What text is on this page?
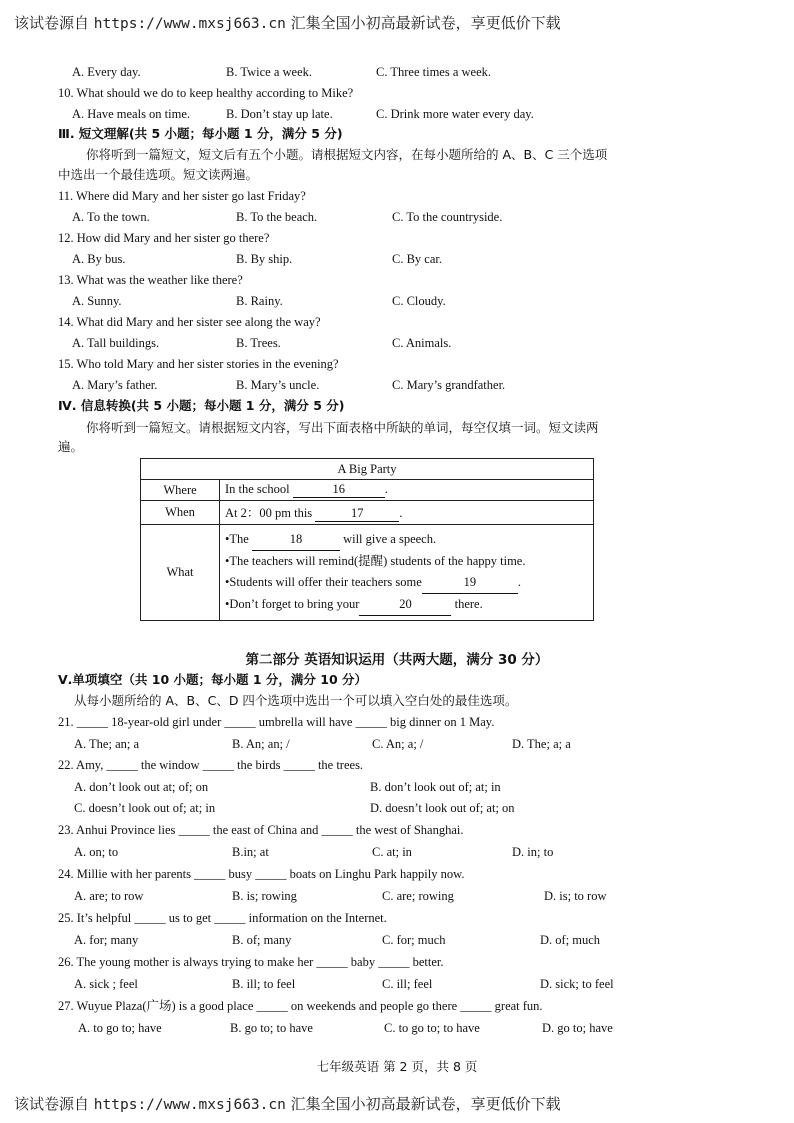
该试卷源自 https://www.mxsj663.cn 汇集全国小初高最新试卷，享更低价下载
A. Every day.	B. Twice a week.	C. Three times a week.
10. What should we do to keep healthy according to Mike?
A. Have meals on time.	B. Don’t stay up late.	C. Drink more water every day.
Ⅲ. 短文理解(共 5 小题；每小题 1 分，满分 5 分)
你将听到一篇短文，短文后有五个小题。请根据短文内容，在每小题所给的 A、B、C 三个选项
中选出一个最佳选项。短文读两遍。
11. Where did Mary and her sister go last Friday?
A. To the town.	B. To the beach.	C. To the countryside.
12. How did Mary and her sister go there?
A. By bus.	B. By ship.	C. By car.
13. What was the weather like there?
A. Sunny.	B. Rainy.	C. Cloudy.
14. What did Mary and her sister see along the way?
A. Tall buildings.	B. Trees.	C. Animals.
15. Who told Mary and her sister stories in the evening?
A. Mary’s father.	B. Mary’s uncle.	C. Mary’s grandfather.
Ⅳ. 信息转换(共 5 小题；每小题 1 分，满分 5 分)
你将听到一篇短文。请根据短文内容，写出下面表格中所缺的单词，每空仅填一词。短文读两
遍。
A Big Party	
Where	In the school 16 .
When	At 2：00 pm this 17 .
What	•The 18 will give a speech.
•The teachers will remind(提醒) students of the happy time.
•Students will offer their teachers some 19 .
•Don’t forget to bring your 20 there.
第二部分 英语知识运用（共两大题，满分 30 分）
Ⅴ.单项填空（共 10 小题；每小题 1 分，满分 10 分）
从每小题所给的 A、B、C、D 四个选项中选出一个可以填入空白处的最佳选项。
21. _____ 18-year-old girl under _____ umbrella will have _____ big dinner on 1 May.
A. The; an; a	B. An; an; /	C. An; a; /	D. The; a; a
22. Amy, _____ the window _____ the birds _____ the trees.
A. don’t look out at; of; on	B. don’t look out of; at; in
C. doesn’t look out of; at; in	D. doesn’t look out of; at; on
23. Anhui Province lies _____ the east of China and _____ the west of Shanghai.
A. on; to	B.in; at	C. at; in	D. in; to
24. Millie with her parents _____ busy _____ boats on Linghu Park happily now.
A. are; to row	B. is; rowing	C. are; rowing	D. is; to row
25. It’s helpful _____ us to get _____ information on the Internet.
A. for; many	B. of; many	C. for; much	D. of; much
26. The young mother is always trying to make her _____ baby _____ better.
A. sick ; feel	B. ill; to feel	C. ill; feel	D. sick; to feel
27. Wuyue Plaza(广场) is a good place _____ on weekends and people go there _____ great fun.
A. to go to; have	B. go to; to have	C. to go to; to have	D. go to; have
七年级英语 第 2 页，共 8 页
该试卷源自 https://www.mxsj663.cn 汇集全国小初高最新试卷，享更低价下载
